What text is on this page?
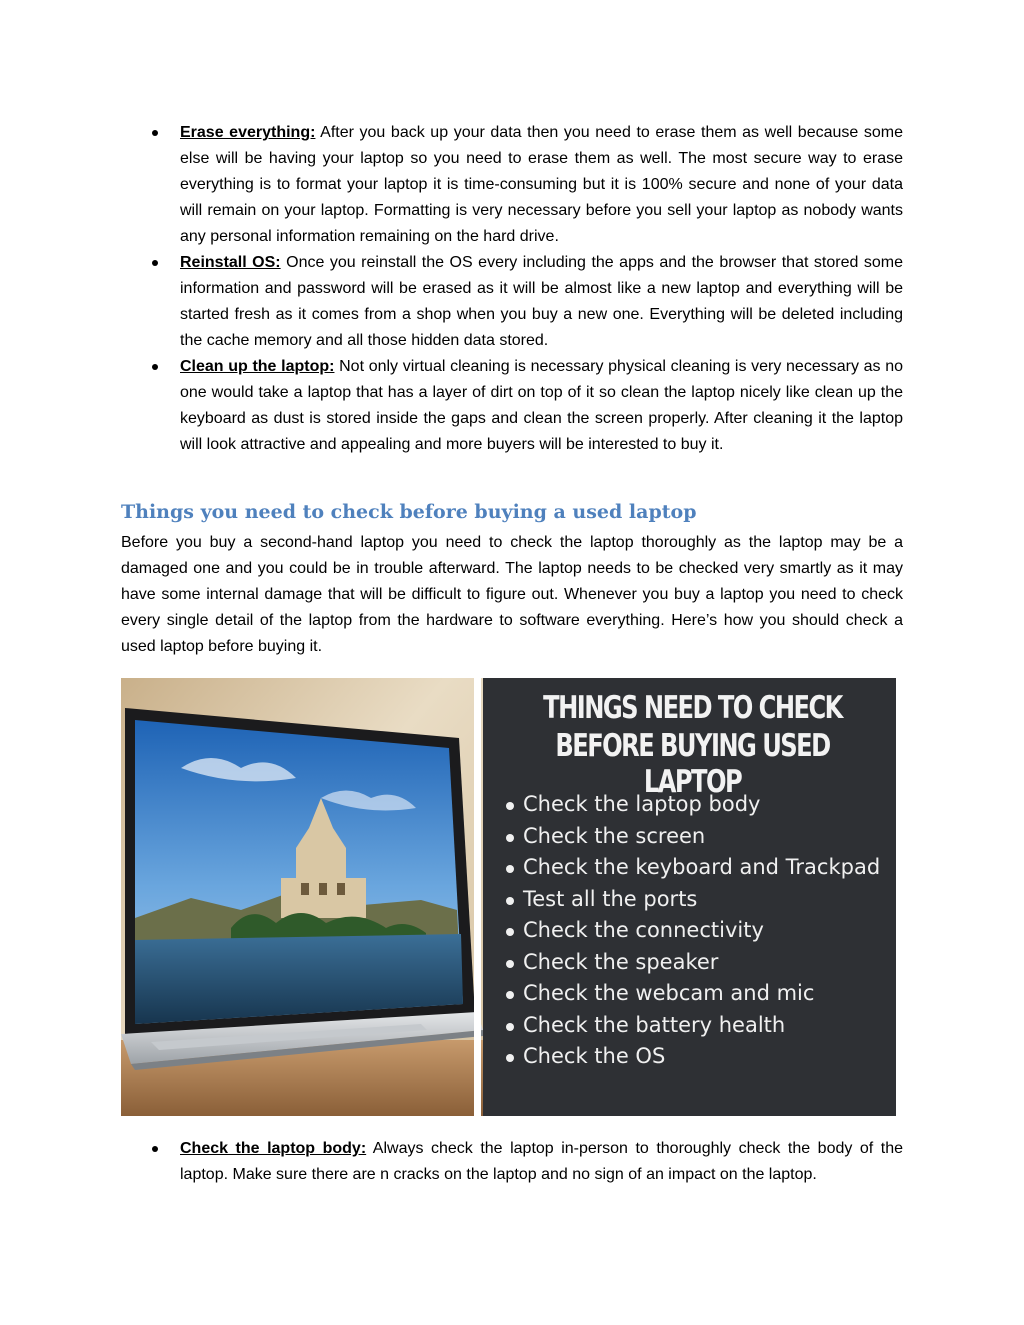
Erase everything: After you back up your data then you need to erase them as well because some else will be having your laptop so you need to erase them as well. The most secure way to erase everything is to format your laptop it is time-consuming but it is 100% secure and none of your data will remain on your laptop. Formatting is very necessary before you sell your laptop as nobody wants any personal information remaining on the hard drive.
Reinstall OS: Once you reinstall the OS every including the apps and the browser that stored some information and password will be erased as it will be almost like a new laptop and everything will be started fresh as it comes from a shop when you buy a new one. Everything will be deleted including the cache memory and all those hidden data stored.
Clean up the laptop: Not only virtual cleaning is necessary physical cleaning is very necessary as no one would take a laptop that has a layer of dirt on top of it so clean the laptop nicely like clean up the keyboard as dust is stored inside the gaps and clean the screen properly. After cleaning it the laptop will look attractive and appealing and more buyers will be interested to buy it.
Things you need to check before buying a used laptop
Before you buy a second-hand laptop you need to check the laptop thoroughly as the laptop may be a damaged one and you could be in trouble afterward. The laptop needs to be checked very smartly as it may have some internal damage that will be difficult to figure out. Whenever you buy a laptop you need to check every single detail of the laptop from the hardware to software everything. Here’s how you should check a used laptop before buying it.
THINGS NEED TO CHECK
BEFORE BUYING USED LAPTOP
Check the laptop body
Check the screen
Check the keyboard and Trackpad
Test all the ports
Check the connectivity
Check the speaker
Check the webcam and mic
Check the battery health
Check the OS
Check the laptop body: Always check the laptop in-person to thoroughly check the body of the laptop. Make sure there are n cracks on the laptop and no sign of an impact on the laptop.
